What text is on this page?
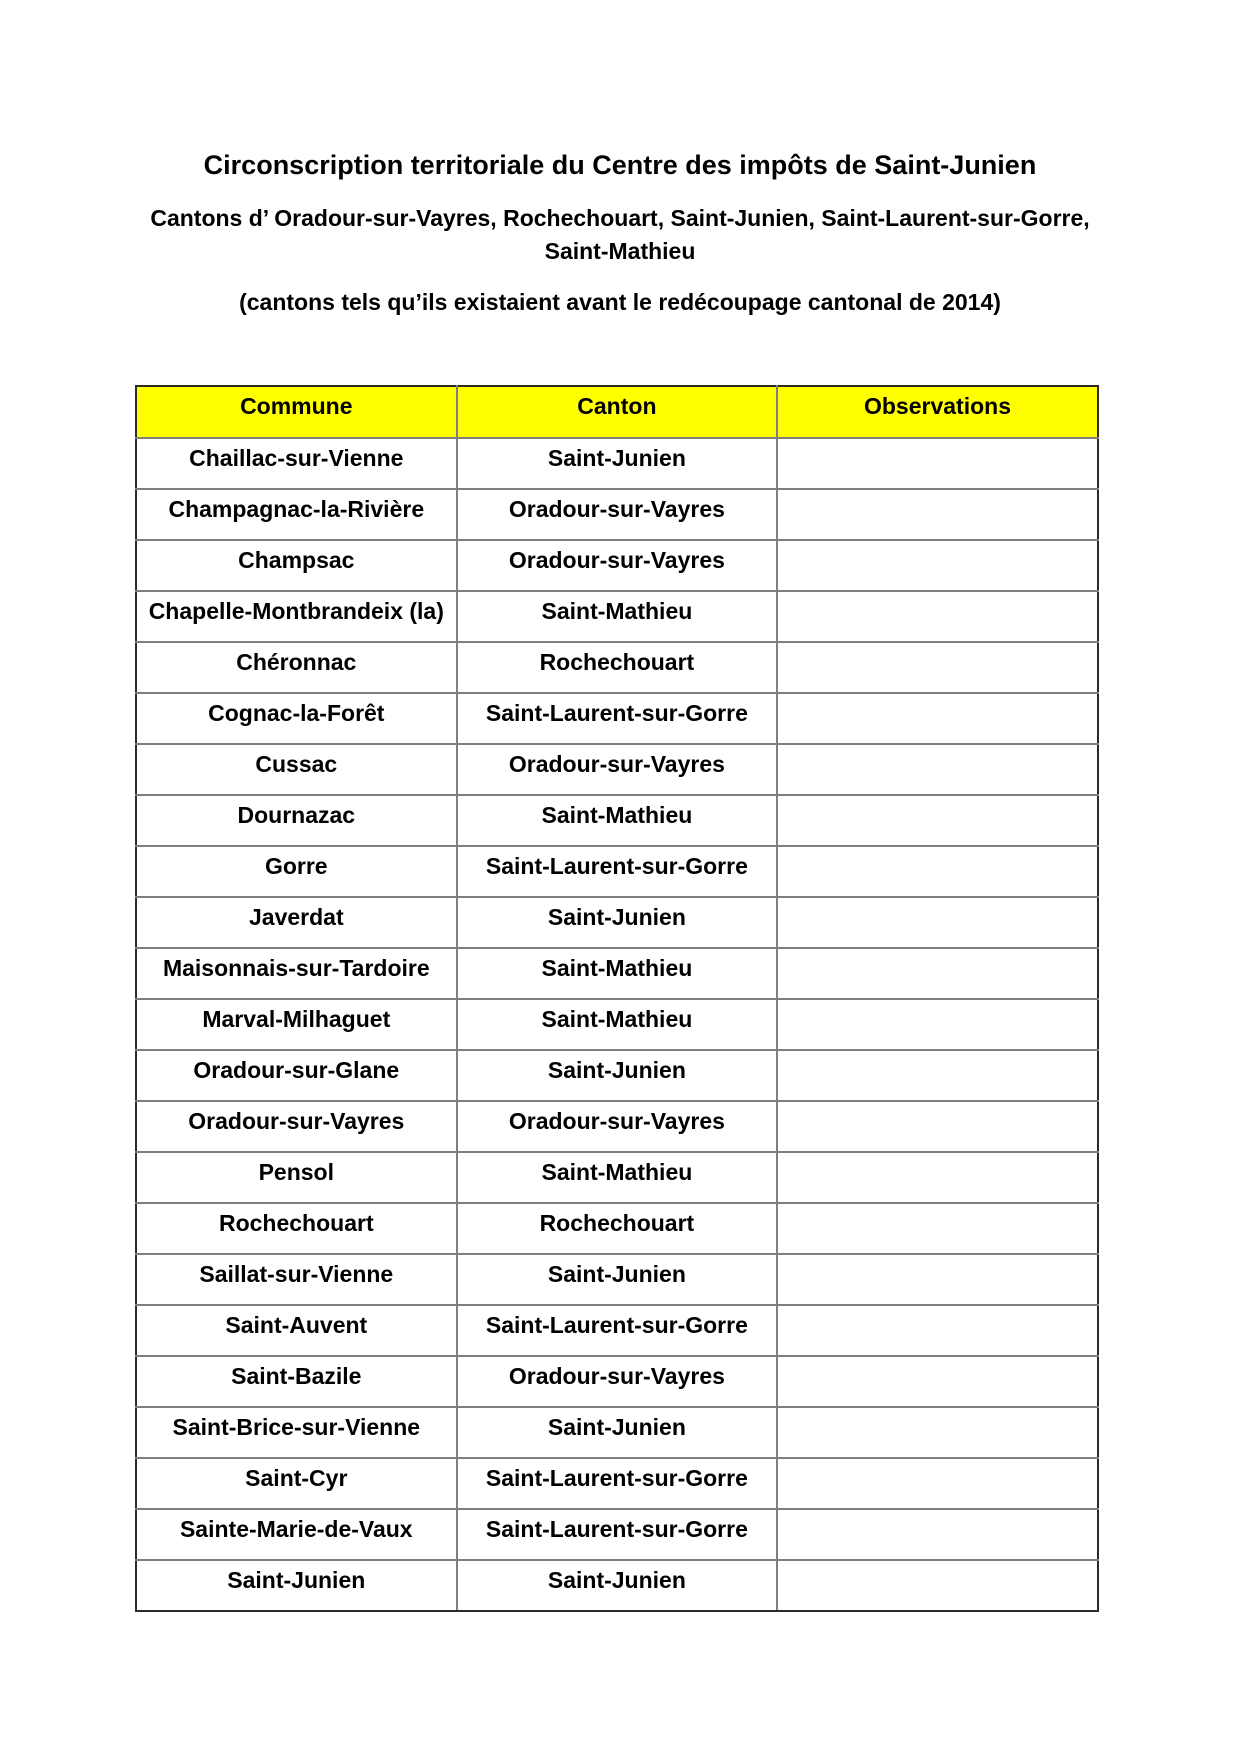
Circonscription territoriale du Centre des impôts de Saint-Junien
Cantons d’ Oradour-sur-Vayres, Rochechouart, Saint-Junien, Saint-Laurent-sur-Gorre,
Saint-Mathieu
(cantons tels qu’ils existaient avant le redécoupage cantonal de 2014)
Commune	Canton	Observations
Chaillac-sur-Vienne	Saint-Junien	
Champagnac-la-Rivière	Oradour-sur-Vayres	
Champsac	Oradour-sur-Vayres	
Chapelle-Montbrandeix (la)	Saint-Mathieu	
Chéronnac	Rochechouart	
Cognac-la-Forêt	Saint-Laurent-sur-Gorre	
Cussac	Oradour-sur-Vayres	
Dournazac	Saint-Mathieu	
Gorre	Saint-Laurent-sur-Gorre	
Javerdat	Saint-Junien	
Maisonnais-sur-Tardoire	Saint-Mathieu	
Marval-Milhaguet	Saint-Mathieu	
Oradour-sur-Glane	Saint-Junien	
Oradour-sur-Vayres	Oradour-sur-Vayres	
Pensol	Saint-Mathieu	
Rochechouart	Rochechouart	
Saillat-sur-Vienne	Saint-Junien	
Saint-Auvent	Saint-Laurent-sur-Gorre	
Saint-Bazile	Oradour-sur-Vayres	
Saint-Brice-sur-Vienne	Saint-Junien	
Saint-Cyr	Saint-Laurent-sur-Gorre	
Sainte-Marie-de-Vaux	Saint-Laurent-sur-Gorre	
Saint-Junien	Saint-Junien	
